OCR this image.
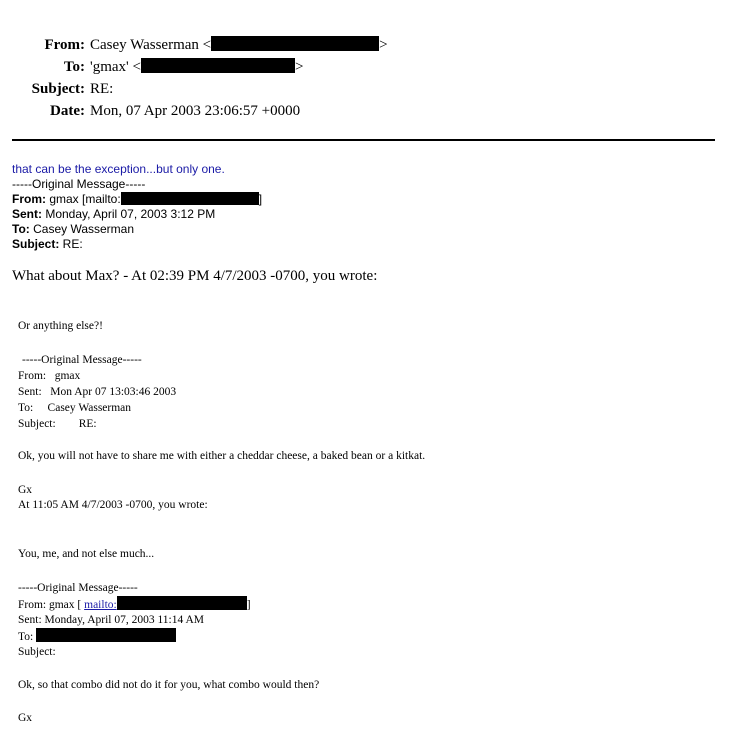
From: Casey Wasserman <	>
To: 'gmax' <	>
Subject: RE:
Date: Mon, 07 Apr 2003 23:06:57 +0000
that can be the exception...but only one.
-----Original Message-----
From: gmax [mailto:	]
Sent: Monday, April 07, 2003 3:12 PM
To: Casey Wasserman
Subject: RE:
What about Max? - At 02:39 PM 4/7/2003 -0700, you wrote:
Or anything else?!
-----Original Message-----
From:   gmax
Sent:   Mon Apr 07 13:03:46 2003
To:     Casey Wasserman
Subject:        RE:
Ok, you will not have to share me with either a cheddar cheese, a baked bean or a kitkat.
Gx
At 11:05 AM 4/7/2003 -0700, you wrote:
You, me, and not else much...
-----Original Message-----
From: gmax [ mailto:	]
Sent: Monday, April 07, 2003 11:14 AM
To:
Subject:
Ok, so that combo did not do it for you, what combo would then?
Gx
